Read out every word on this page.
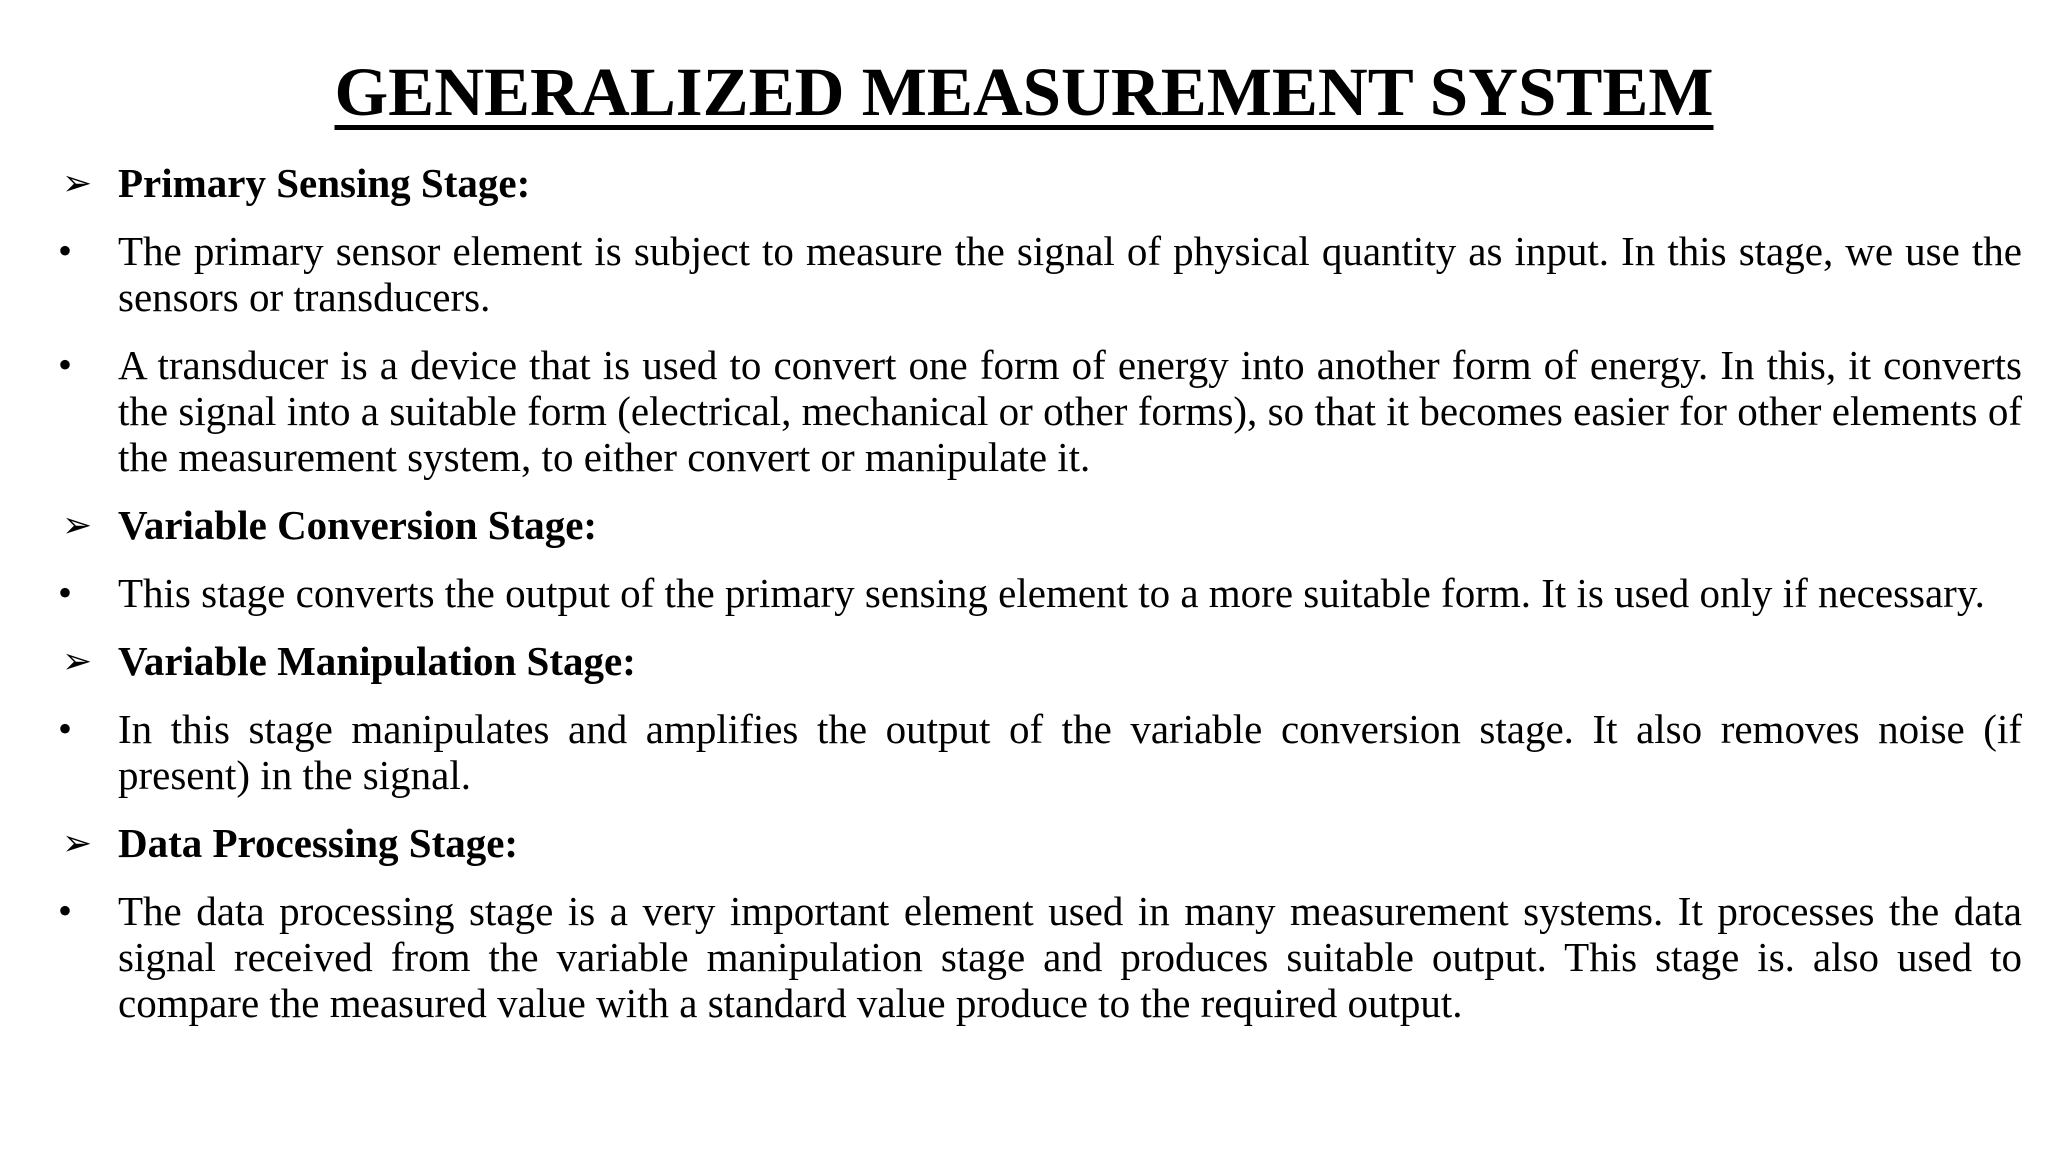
GENERALIZED MEASUREMENT SYSTEM
➢ Primary Sensing Stage:
•	The primary sensor element is subject to measure the signal of physical quantity as input. In this stage, we use the sensors or transducers.
•	A transducer is a device that is used to convert one form of energy into another form of energy. In this, it converts the signal into a suitable form (electrical, mechanical or other forms), so that it becomes easier for other elements of the measurement system, to either convert or manipulate it.
➢ Variable Conversion Stage:
•	This stage converts the output of the primary sensing element to a more suitable form. It is used only if necessary.
➢ Variable Manipulation Stage:
•	In this stage manipulates and amplifies the output of the variable conversion stage. It also removes noise (if present) in the signal.
➢ Data Processing Stage:
•	The data processing stage is a very important element used in many measurement systems. It processes the data signal received from the variable manipulation stage and produces suitable output. This stage is. also used to compare the measured value with a standard value produce to the required output.
